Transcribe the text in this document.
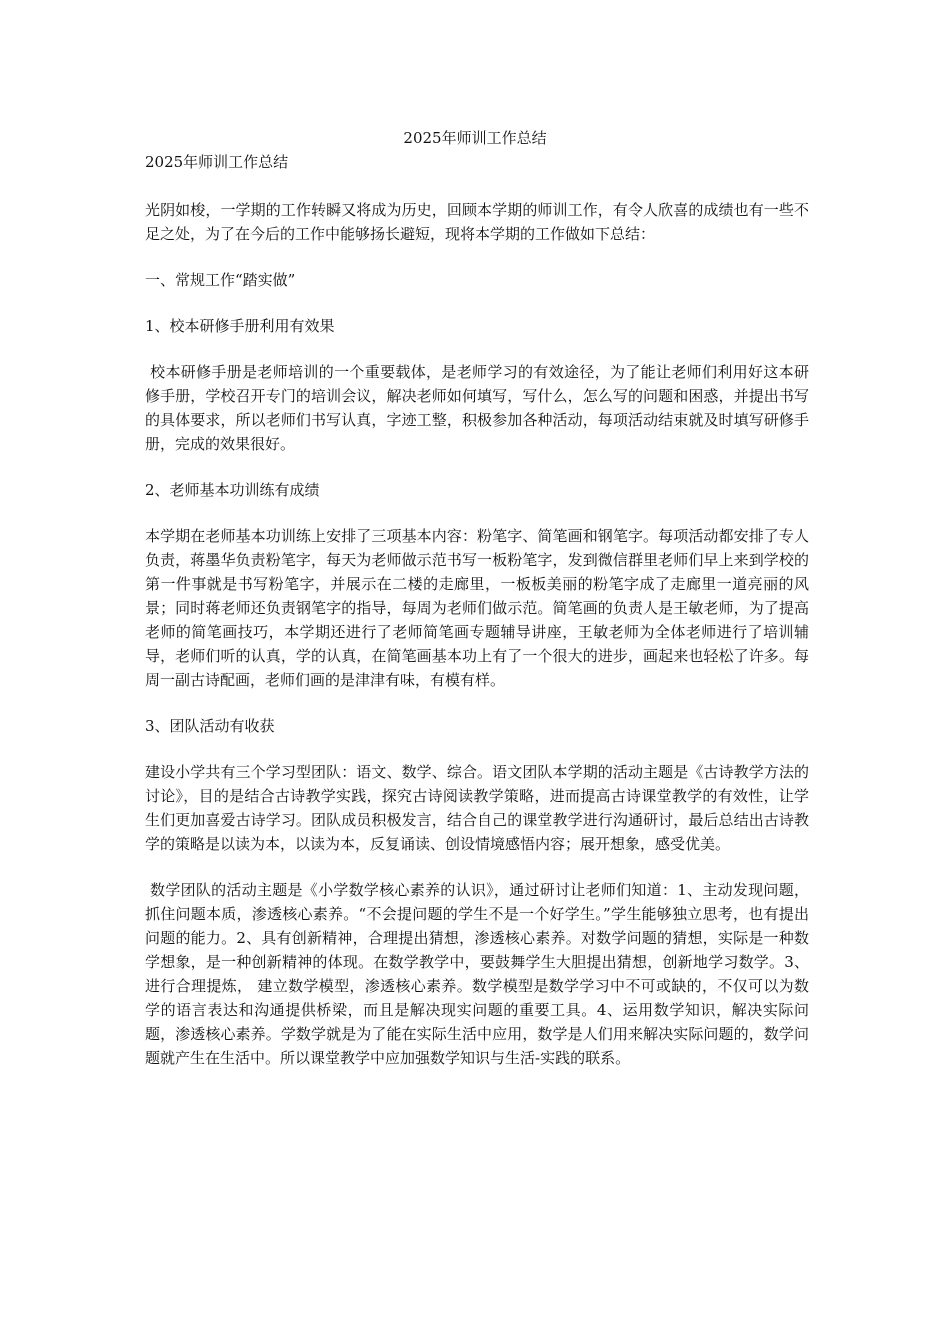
2025年师训工作总结

2025年师训工作总结

光阴如梭，一学期的工作转瞬又将成为历史，回顾本学期的师训工作，有令人欣喜的成绩也有一些不足之处，为了在今后的工作中能够扬长避短，现将本学期的工作做如下总结：

一、常规工作“踏实做”

1、校本研修手册利用有效果

校本研修手册是老师培训的一个重要载体，是老师学习的有效途径，为了能让老师们利用好这本研修手册，学校召开专门的培训会议，解决老师如何填写，写什么，怎么写的问题和困惑，并提出书写的具体要求，所以老师们书写认真，字迹工整，积极参加各种活动，每项活动结束就及时填写研修手册，完成的效果很好。

2、老师基本功训练有成绩

本学期在老师基本功训练上安排了三项基本内容：粉笔字、简笔画和钢笔字。每项活动都安排了专人负责，蒋墨华负责粉笔字，每天为老师做示范书写一板粉笔字，发到微信群里老师们早上来到学校的第一件事就是书写粉笔字，并展示在二楼的走廊里，一板板美丽的粉笔字成了走廊里一道亮丽的风景；同时蒋老师还负责钢笔字的指导，每周为老师们做示范。简笔画的负责人是王敏老师，为了提高老师的简笔画技巧，本学期还进行了老师简笔画专题辅导讲座，王敏老师为全体老师进行了培训辅导，老师们听的认真，学的认真，在简笔画基本功上有了一个很大的进步，画起来也轻松了许多。每周一副古诗配画，老师们画的是津津有味，有模有样。

3、团队活动有收获

建设小学共有三个学习型团队：语文、数学、综合。语文团队本学期的活动主题是《古诗教学方法的讨论》，目的是结合古诗教学实践，探究古诗阅读教学策略，进而提高古诗课堂教学的有效性，让学生们更加喜爱古诗学习。团队成员积极发言，结合自己的课堂教学进行沟通研讨，最后总结出古诗教学的策略是以读为本，以读为本，反复诵读、创设情境感悟内容；展开想象，感受优美。

数学团队的活动主题是《小学数学核心素养的认识》，通过研讨让老师们知道：1、主动发现问题，抓住问题本质，渗透核心素养。“不会提问题的学生不是一个好学生。”学生能够独立思考，也有提出问题的能力。2、具有创新精神，合理提出猜想，渗透核心素养。对数学问题的猜想，实际是一种数学想象，是一种创新精神的体现。在数学教学中，要鼓舞学生大胆提出猜想，创新地学习数学。3、进行合理提炼， 建立数学模型，渗透核心素养。数学模型是数学学习中不可或缺的，不仅可以为数学的语言表达和沟通提供桥梁，而且是解决现实问题的重要工具。4、运用数学知识，解决实际问题，渗透核心素养。学数学就是为了能在实际生活中应用，数学是人们用来解决实际问题的，数学问题就产生在生活中。所以课堂教学中应加强数学知识与生活-实践的联系。
